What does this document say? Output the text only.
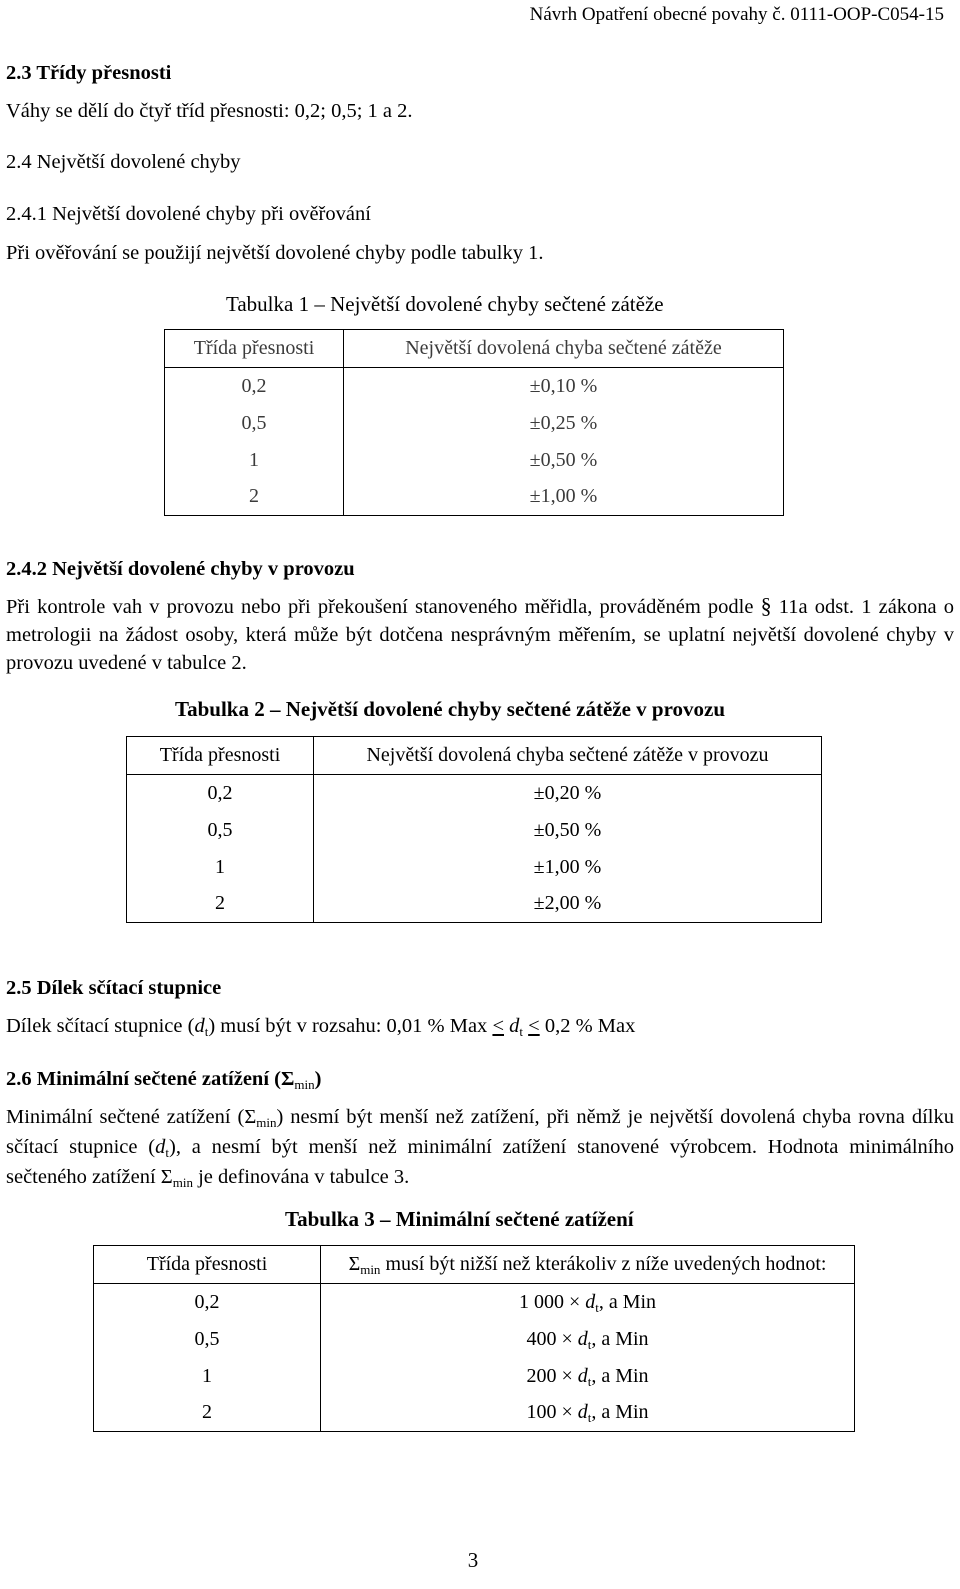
Návrh Opatření obecné povahy č. 0111-OOP-C054-15
2.3 Třídy přesnosti
Váhy se dělí do čtyř tříd přesnosti: 0,2; 0,5; 1 a 2.
2.4 Největší dovolené chyby
2.4.1 Největší dovolené chyby při ověřování
Při ověřování se použijí největší dovolené chyby podle tabulky 1.
Tabulka 1 – Největší dovolené chyby sečtené zátěže
Třída přesnosti	Největší dovolená chyba sečtené zátěže
0,2	±0,10 %
0,5	±0,25 %
1	±0,50 %
2	±1,00 %
2.4.2 Největší dovolené chyby v provozu
Při kontrole vah v provozu nebo při překoušení stanoveného měřidla, prováděném podle § 11a odst. 1 zákona o metrologii na žádost osoby, která může být dotčena nesprávným měřením, se uplatní největší dovolené chyby v provozu uvedené v tabulce 2.
Tabulka 2 – Největší dovolené chyby sečtené zátěže v provozu
Třída přesnosti	Největší dovolená chyba sečtené zátěže v provozu
0,2	±0,20 %
0,5	±0,50 %
1	±1,00 %
2	±2,00 %
2.5 Dílek sčítací stupnice
Dílek sčítací stupnice (dt) musí být v rozsahu: 0,01 % Max ≤ dt ≤ 0,2 % Max
2.6 Minimální sečtené zatížení (Σmin)
Minimální sečtené zatížení (Σmin) nesmí být menší než zatížení, při němž je největší dovolená chyba rovna dílku sčítací stupnice (dt), a nesmí být menší než minimální zatížení stanovené výrobcem. Hodnota minimálního sečteného zatížení Σmin je definována v tabulce 3.
Tabulka 3 – Minimální sečtené zatížení
Třída přesnosti	$\Sigma_{min}$ musí být nižší než kterákoliv z níže uvedených hodnot:
0,2	1 $000 \times d_t$, a Min
0,5	$400 \times d_t$, a Min
1	$200 \times d_t$, a Min
2	$100 \times d_t$, a Min
3
